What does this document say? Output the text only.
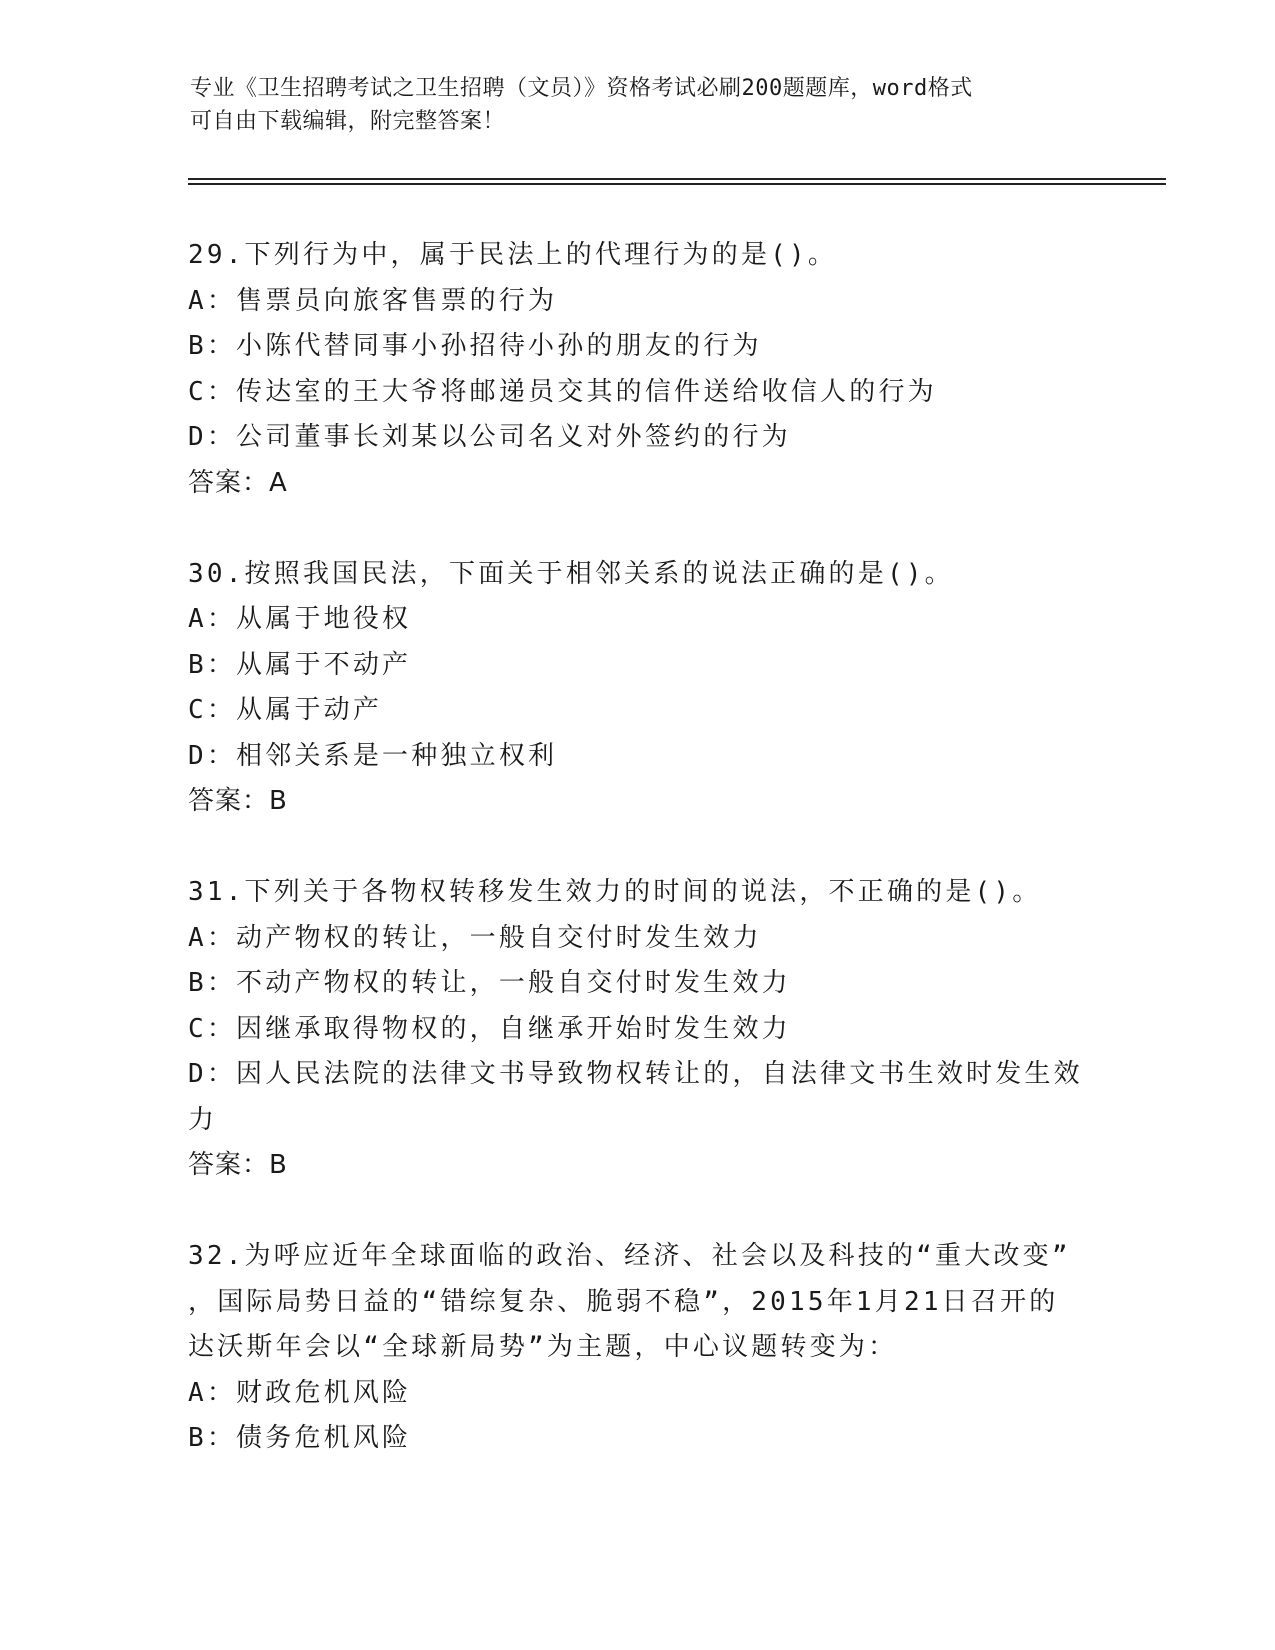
专业《卫生招聘考试之卫生招聘（文员）》资格考试必刷200题题库，word格式
可自由下载编辑，附完整答案！
29.下列行为中，属于民法上的代理行为的是()。
A：售票员向旅客售票的行为
B：小陈代替同事小孙招待小孙的朋友的行为
C：传达室的王大爷将邮递员交其的信件送给收信人的行为
D：公司董事长刘某以公司名义对外签约的行为
答案：A
30.按照我国民法，下面关于相邻关系的说法正确的是()。
A：从属于地役权
B：从属于不动产
C：从属于动产
D：相邻关系是一种独立权利
答案：B
31.下列关于各物权转移发生效力的时间的说法，不正确的是()。
A：动产物权的转让，一般自交付时发生效力
B：不动产物权的转让，一般自交付时发生效力
C：因继承取得物权的，自继承开始时发生效力
D：因人民法院的法律文书导致物权转让的，自法律文书生效时发生效
力
答案：B
32.为呼应近年全球面临的政治、经济、社会以及科技的“重大改变”
，国际局势日益的“错综复杂、脆弱不稳”，2015年1月21日召开的
达沃斯年会以“全球新局势”为主题，中心议题转变为：
A：财政危机风险
B：债务危机风险
